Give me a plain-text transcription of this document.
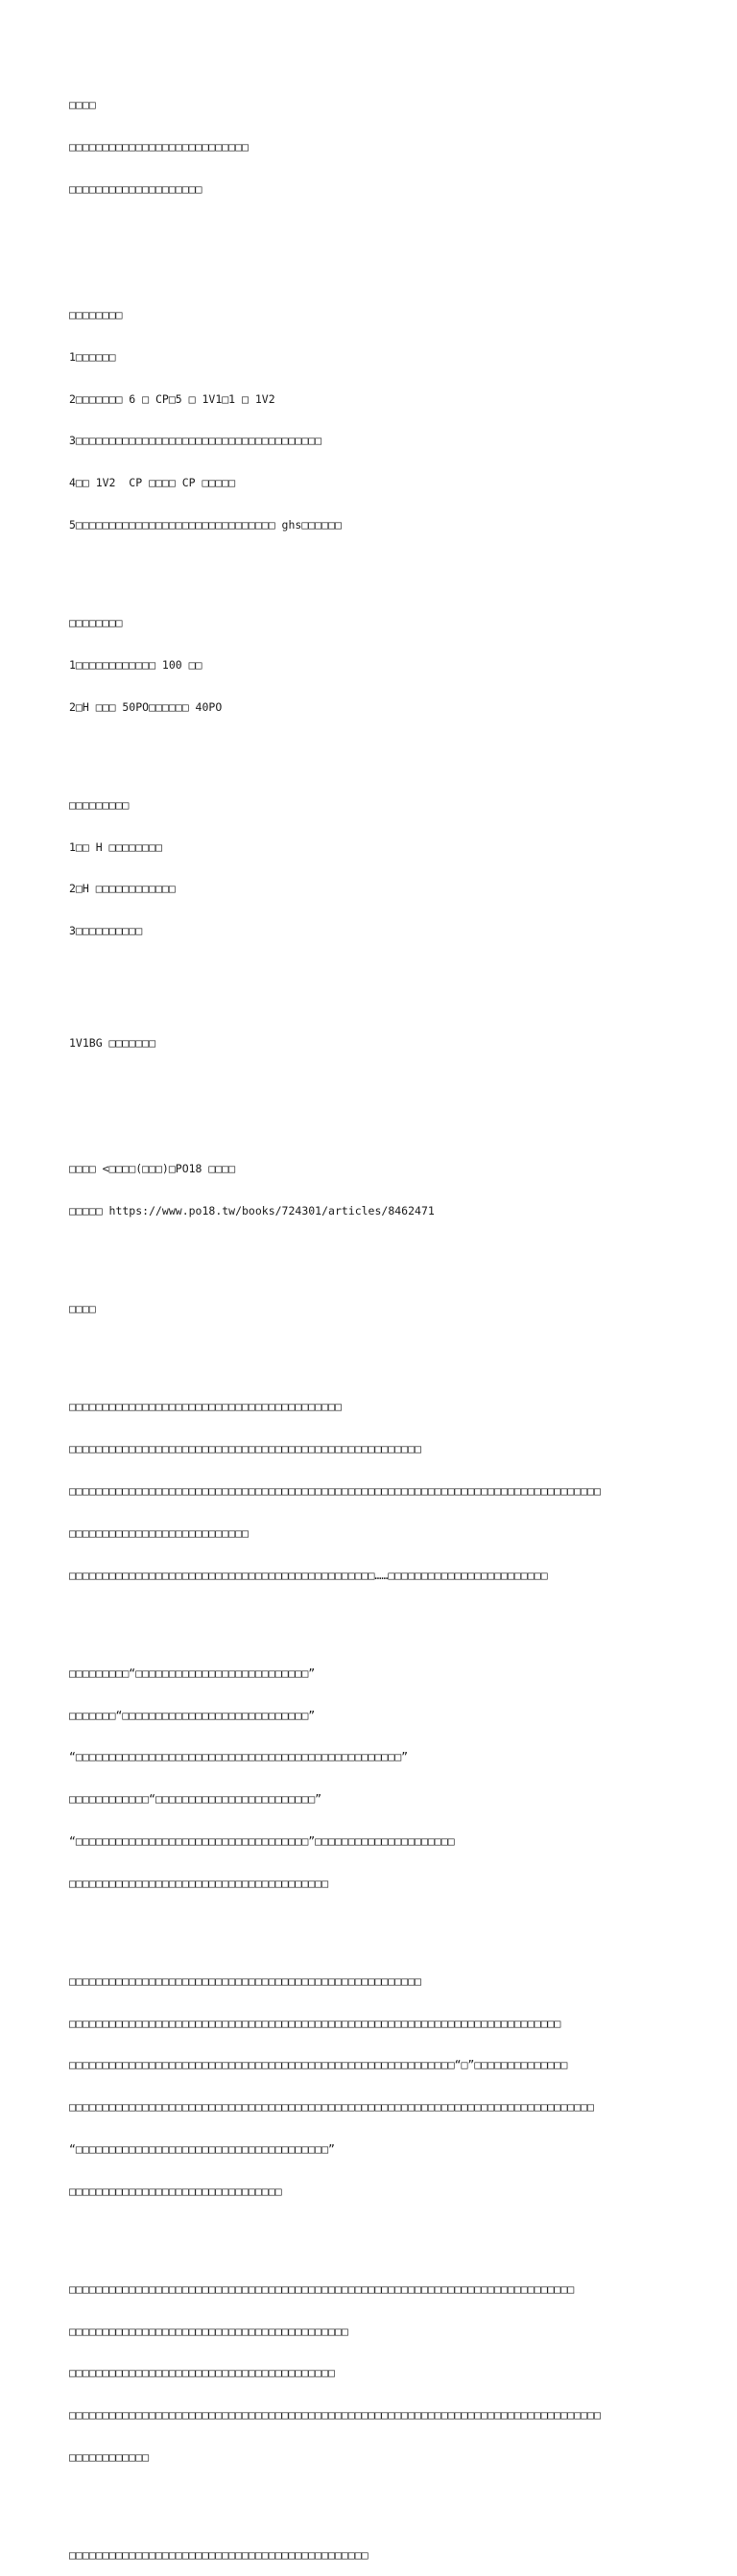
□□□□

□□□□□□□□□□□□□□□□□□□□□□□□□□□

□□□□□□□□□□□□□□□□□□□□

□□□□□□□□

1□□□□□□

2□□□□□□□ 6 □ CP□5 □ 1V1□1 □ 1V2

3□□□□□□□□□□□□□□□□□□□□□□□□□□□□□□□□□□□□□

4□□ 1V2  CP □□□□ CP □□□□□

5□□□□□□□□□□□□□□□□□□□□□□□□□□□□□□ ghs□□□□□□

□□□□□□□□

1□□□□□□□□□□□□ 100 □□

2□H □□□ 50PO□□□□□□ 40PO

□□□□□□□□□

1□□ H □□□□□□□□

2□H □□□□□□□□□□□□

3□□□□□□□□□□

1V1BG □□□□□□□

□□□□ <□□□□(□□□)□PO18 □□□□

□□□□□ https://www.po18.tw/books/724301/articles/8462471

□□□□

□□□□□□□□□□□□□□□□□□□□□□□□□□□□□□□□□□□□□□□□□

□□□□□□□□□□□□□□□□□□□□□□□□□□□□□□□□□□□□□□□□□□□□□□□□□□□□□

□□□□□□□□□□□□□□□□□□□□□□□□□□□□□□□□□□□□□□□□□□□□□□□□□□□□□□□□□□□□□□□□□□□□□□□□□□□□□□□□

□□□□□□□□□□□□□□□□□□□□□□□□□□□

□□□□□□□□□□□□□□□□□□□□□□□□□□□□□□□□□□□□□□□□□□□□□□……□□□□□□□□□□□□□□□□□□□□□□□□

□□□□□□□□□“□□□□□□□□□□□□□□□□□□□□□□□□□□”

□□□□□□□“□□□□□□□□□□□□□□□□□□□□□□□□□□□□”

“□□□□□□□□□□□□□□□□□□□□□□□□□□□□□□□□□□□□□□□□□□□□□□□□□”

□□□□□□□□□□□□“□□□□□□□□□□□□□□□□□□□□□□□□”

“□□□□□□□□□□□□□□□□□□□□□□□□□□□□□□□□□□□”□□□□□□□□□□□□□□□□□□□□□

□□□□□□□□□□□□□□□□□□□□□□□□□□□□□□□□□□□□□□□

□□□□□□□□□□□□□□□□□□□□□□□□□□□□□□□□□□□□□□□□□□□□□□□□□□□□□

□□□□□□□□□□□□□□□□□□□□□□□□□□□□□□□□□□□□□□□□□□□□□□□□□□□□□□□□□□□□□□□□□□□□□□□□□□

□□□□□□□□□□□□□□□□□□□□□□□□□□□□□□□□□□□□□□□□□□□□□□□□□□□□□□□□□□“□”□□□□□□□□□□□□□□

□□□□□□□□□□□□□□□□□□□□□□□□□□□□□□□□□□□□□□□□□□□□□□□□□□□□□□□□□□□□□□□□□□□□□□□□□□□□□□□

“□□□□□□□□□□□□□□□□□□□□□□□□□□□□□□□□□□□□□□”

□□□□□□□□□□□□□□□□□□□□□□□□□□□□□□□□

□□□□□□□□□□□□□□□□□□□□□□□□□□□□□□□□□□□□□□□□□□□□□□□□□□□□□□□□□□□□□□□□□□□□□□□□□□□□

□□□□□□□□□□□□□□□□□□□□□□□□□□□□□□□□□□□□□□□□□□

□□□□□□□□□□□□□□□□□□□□□□□□□□□□□□□□□□□□□□□□

□□□□□□□□□□□□□□□□□□□□□□□□□□□□□□□□□□□□□□□□□□□□□□□□□□□□□□□□□□□□□□□□□□□□□□□□□□□□□□□□

□□□□□□□□□□□□

□□□□□□□□□□□□□□□□□□□□□□□□□□□□□□□□□□□□□□□□□□□□□
